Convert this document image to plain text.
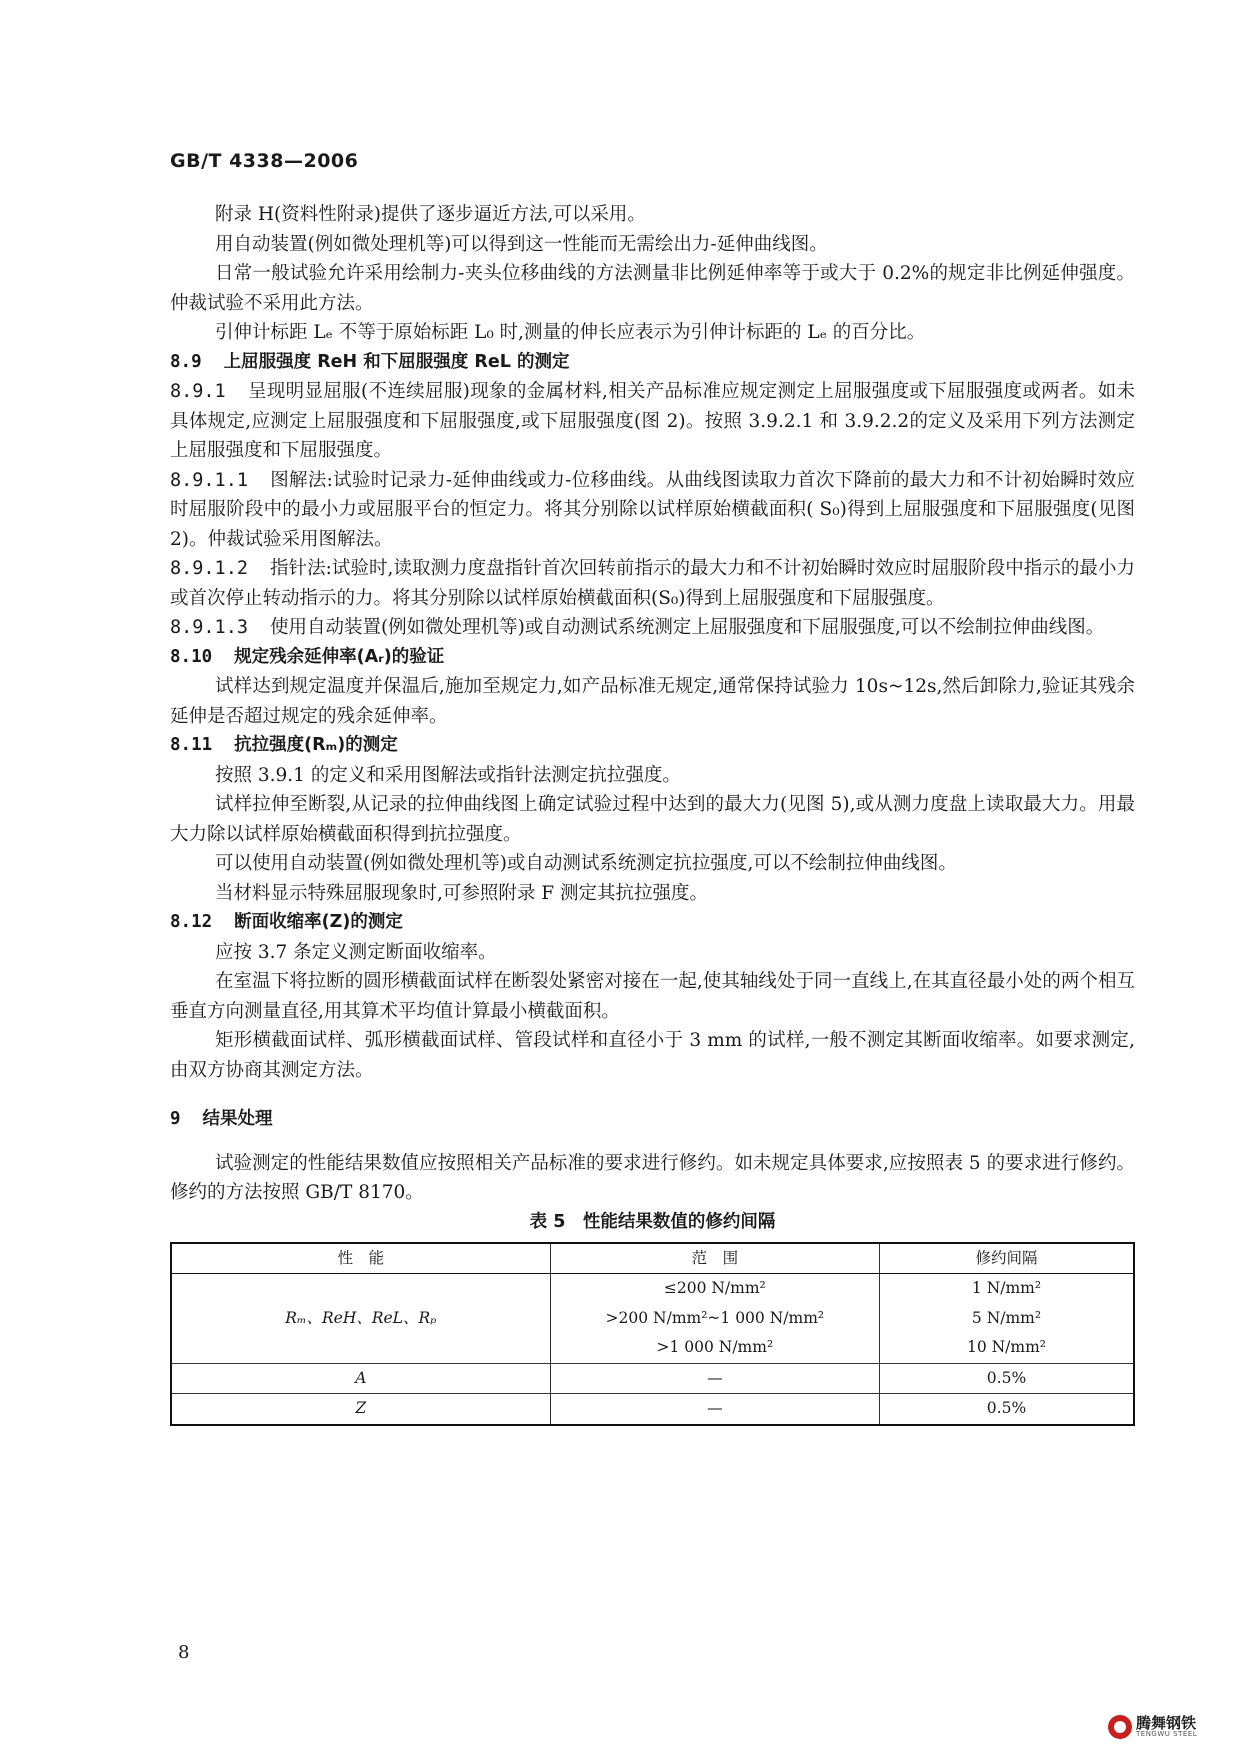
GB/T 4338—2006

附录 H(资料性附录)提供了逐步逼近方法,可以采用。

用自动装置(例如微处理机等)可以得到这一性能而无需绘出力-延伸曲线图。

日常一般试验允许采用绘制力-夹头位移曲线的方法测量非比例延伸率等于或大于 0.2%的规定非比例延伸强度。仲裁试验不采用此方法。

引伸计标距 Lₑ 不等于原始标距 L₀ 时,测量的伸长应表示为引伸计标距的 Lₑ 的百分比。

8.9 上屈服强度 ReH 和下屈服强度 ReL 的测定

8.9.1 呈现明显屈服(不连续屈服)现象的金属材料,相关产品标准应规定测定上屈服强度或下屈服强度或两者。如未具体规定,应测定上屈服强度和下屈服强度,或下屈服强度(图 2)。按照 3.9.2.1 和 3.9.2.2的定义及采用下列方法测定上屈服强度和下屈服强度。

8.9.1.1 图解法:试验时记录力-延伸曲线或力-位移曲线。从曲线图读取力首次下降前的最大力和不计初始瞬时效应时屈服阶段中的最小力或屈服平台的恒定力。将其分别除以试样原始横截面积( S₀)得到上屈服强度和下屈服强度(见图 2)。仲裁试验采用图解法。

8.9.1.2 指针法:试验时,读取测力度盘指针首次回转前指示的最大力和不计初始瞬时效应时屈服阶段中指示的最小力或首次停止转动指示的力。将其分别除以试样原始横截面积(S₀)得到上屈服强度和下屈服强度。

8.9.1.3 使用自动装置(例如微处理机等)或自动测试系统测定上屈服强度和下屈服强度,可以不绘制拉伸曲线图。

8.10 规定残余延伸率(Aᵣ)的验证

试样达到规定温度并保温后,施加至规定力,如产品标准无规定,通常保持试验力 10s~12s,然后卸除力,验证其残余延伸是否超过规定的残余延伸率。

8.11 抗拉强度(Rₘ)的测定

按照 3.9.1 的定义和采用图解法或指针法测定抗拉强度。

试样拉伸至断裂,从记录的拉伸曲线图上确定试验过程中达到的最大力(见图 5),或从测力度盘上读取最大力。用最大力除以试样原始横截面积得到抗拉强度。

可以使用自动装置(例如微处理机等)或自动测试系统测定抗拉强度,可以不绘制拉伸曲线图。

当材料显示特殊屈服现象时,可参照附录 F 测定其抗拉强度。

8.12 断面收缩率(Z)的测定

应按 3.7 条定义测定断面收缩率。

在室温下将拉断的圆形横截面试样在断裂处紧密对接在一起,使其轴线处于同一直线上,在其直径最小处的两个相互垂直方向测量直径,用其算术平均值计算最小横截面积。

矩形横截面试样、弧形横截面试样、管段试样和直径小于 3 mm 的试样,一般不测定其断面收缩率。如要求测定,由双方协商其测定方法。

9 结果处理

试验测定的性能结果数值应按照相关产品标准的要求进行修约。如未规定具体要求,应按照表 5 的要求进行修约。修约的方法按照 GB/T 8170。

表 5　性能结果数值的修约间隔

性　能	范　围	修约间隔
Rₘ、ReH、ReL、Rₚ	≤200 N/mm²	1 N/mm²
	>200 N/mm²~1 000 N/mm²	5 N/mm²
	>1 000 N/mm²	10 N/mm²
A	—	0.5%
Z	—	0.5%
8
腾舞钢铁
TENGWU STEEL
